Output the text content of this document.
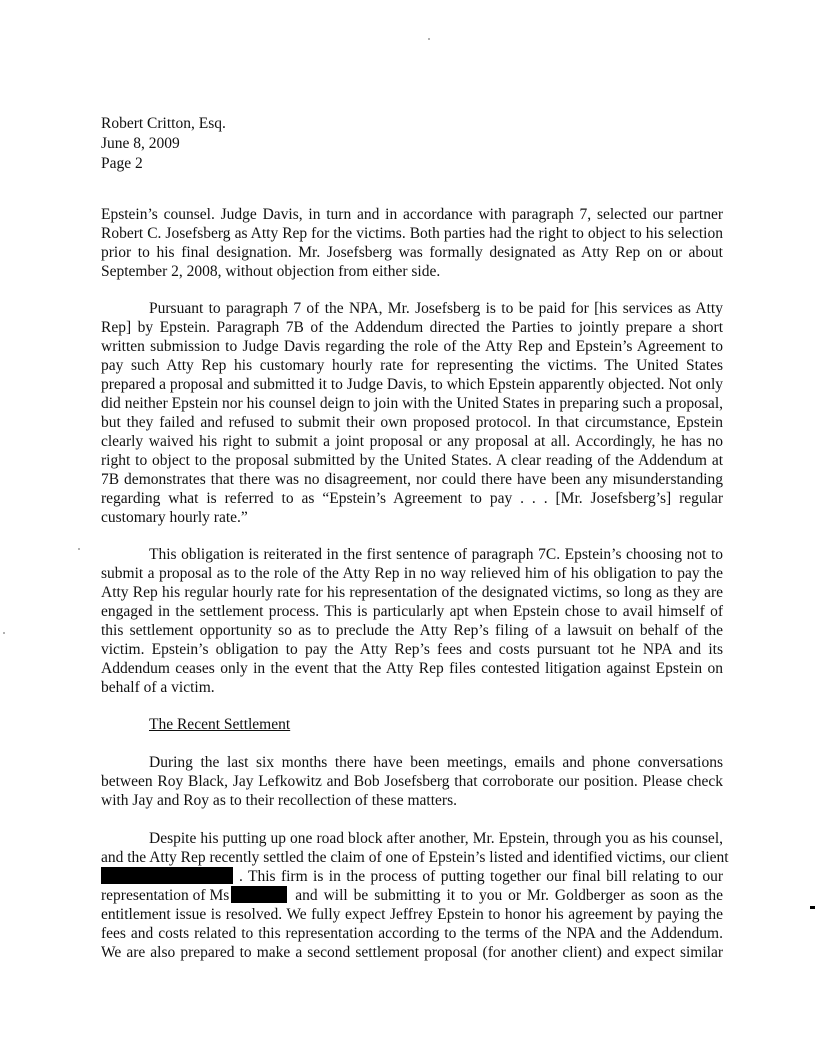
Robert Critton, Esq.
June 8, 2009
Page 2
Epstein’s counsel. Judge Davis, in turn and in accordance with paragraph 7, selected our partner
Robert C. Josefsberg as Atty Rep for the victims. Both parties had the right to object to his selection
prior to his final designation. Mr. Josefsberg was formally designated as Atty Rep on or about
September 2, 2008, without objection from either side.
Pursuant to paragraph 7 of the NPA, Mr. Josefsberg is to be paid for [his services as Atty
Rep] by Epstein. Paragraph 7B of the Addendum directed the Parties to jointly prepare a short
written submission to Judge Davis regarding the role of the Atty Rep and Epstein’s Agreement to
pay such Atty Rep his customary hourly rate for representing the victims. The United States
prepared a proposal and submitted it to Judge Davis, to which Epstein apparently objected. Not only
did neither Epstein nor his counsel deign to join with the United States in preparing such a proposal,
but they failed and refused to submit their own proposed protocol. In that circumstance, Epstein
clearly waived his right to submit a joint proposal or any proposal at all. Accordingly, he has no
right to object to the proposal submitted by the United States. A clear reading of the Addendum at
7B demonstrates that there was no disagreement, nor could there have been any misunderstanding
regarding what is referred to as “Epstein’s Agreement to pay . . . [Mr. Josefsberg’s] regular
customary hourly rate.”
This obligation is reiterated in the first sentence of paragraph 7C. Epstein’s choosing not to
submit a proposal as to the role of the Atty Rep in no way relieved him of his obligation to pay the
Atty Rep his regular hourly rate for his representation of the designated victims, so long as they are
engaged in the settlement process. This is particularly apt when Epstein chose to avail himself of
this settlement opportunity so as to preclude the Atty Rep’s filing of a lawsuit on behalf of the
victim. Epstein’s obligation to pay the Atty Rep’s fees and costs pursuant tot he NPA and its
Addendum ceases only in the event that the Atty Rep files contested litigation against Epstein on
behalf of a victim.
The Recent Settlement
During the last six months there have been meetings, emails and phone conversations
between Roy Black, Jay Lefkowitz and Bob Josefsberg that corroborate our position. Please check
with Jay and Roy as to their recollection of these matters.
Despite his putting up one road block after another, Mr. Epstein, through you as his counsel,
and the Atty Rep recently settled the claim of one of Epstein’s listed and identified victims, our client
. This firm is in the process of putting together our final bill relating to our
representation of Ms	and will be submitting it to you or Mr. Goldberger as soon as the
entitlement issue is resolved. We fully expect Jeffrey Epstein to honor his agreement by paying the
fees and costs related to this representation according to the terms of the NPA and the Addendum.
We are also prepared to make a second settlement proposal (for another client) and expect similar
